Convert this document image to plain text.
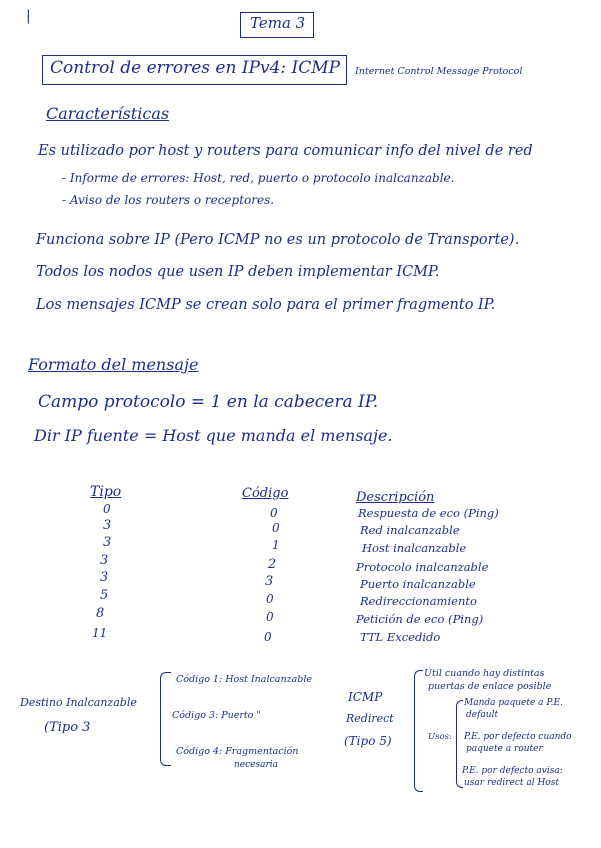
Tema 3
|
Control de errores en IPv4: ICMP Internet Control Message Protocol
Características
Es utilizado por host y routers para comunicar info del nivel de red
- Informe de errores: Host, red, puerto o protocolo inalcanzable.
- Aviso de los routers o receptores.
Funciona sobre IP (Pero ICMP no es un protocolo de Transporte).
Todos los nodos que usen IP deben implementar ICMP.
Los mensajes ICMP se crean solo para el primer fragmento IP.
Formato del mensaje
Campo protocolo = 1 en la cabecera IP.
Dir IP fuente = Host que manda el mensaje.
Tipo	Código	Descripción
0	0	Respuesta de eco (Ping)
3	0	Red inalcanzable
3	1	Host inalcanzable
3	2	Protocolo inalcanzable
3	3	Puerto inalcanzable
5	0	Redireccionamiento
8	0	Petición de eco (Ping)
11	0	TTL Excedido
Destino Inalcanzable
(Tipo 3
Código 1: Host Inalcanzable
Código 3: Puerto "
Código 4: Fragmentación
necesaria
ICMP
Redirect
(Tipo 5)
Útil cuando hay distintas
puertas de enlace posible
Usos:
Manda paquete a P.E.
default
P.E. por defecto cuando
paquete a router
P.E. por defecto avisa:
usar redirect al Host
